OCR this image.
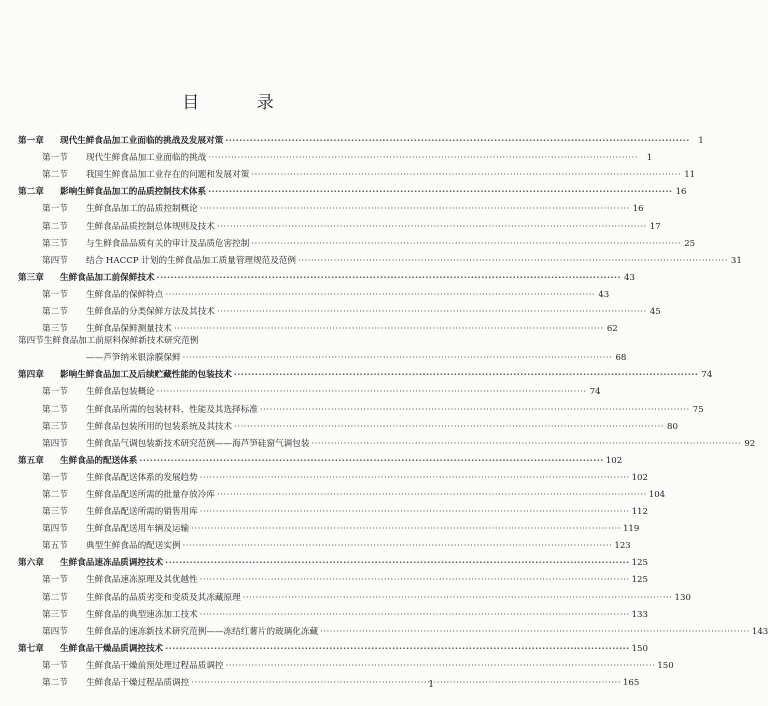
目 录
第一章	现代生鲜食品加工业面临的挑战及发展对策 ·····	1
第一节	现代生鲜食品加工业面临的挑战 ·····	1
第二节	我国生鲜食品加工业存在的问题和发展对策 ·····	11
第二章	影响生鲜食品加工的品质控制技术体系 ·····	16
第一节	生鲜食品加工的品质控制概论 ·····	16
第二节	生鲜食品品质控制总体规则及技术 ·····	17
第三节	与生鲜食品品质有关的审计及品质危害控制 ·····	25
第四节	结合 HACCP 计划的生鲜食品加工质量管理规范及范例 ·····	31
第三章	生鲜食品加工前保鲜技术 ·····	43
第一节	生鲜食品的保鲜特点 ·····	43
第二节	生鲜食品的分类保鲜方法及其技术 ·····	45
第三节	生鲜食品保鲜测量技术 ·····	62
第四节 生鲜食品加工前原料保鲜新技术研究范例
——芦笋纳米银涂膜保鲜 ·····	68
第四章	影响生鲜食品加工及后续贮藏性能的包装技术 ·····	74
第一节	生鲜食品包装概论 ·····	74
第二节	生鲜食品所需的包装材料、性能及其选择标准 ·····	75
第三节	生鲜食品包装所用的包装系统及其技术 ·····	80
第四节	生鲜食品气调包装新技术研究范例——海芦笋硅窗气调包装 ·····	92
第五章	生鲜食品的配送体系 ·····	102
第一节	生鲜食品配送体系的发展趋势 ·····	102
第二节	生鲜食品配送所需的批量存放冷库 ·····	104
第三节	生鲜食品配送所需的销售用库 ·····	112
第四节	生鲜食品配送用车辆及运输 ·····	119
第五节	典型生鲜食品的配送实例 ·····	123
第六章	生鲜食品速冻品质调控技术 ·····	125
第一节	生鲜食品速冻原理及其优越性 ·····	125
第二节	生鲜食品的品质劣变和变质及其冻藏原理 ·····	130
第三节	生鲜食品的典型速冻加工技术 ·····	133
第四节	生鲜食品的速冻新技术研究范例——冻结红薯片的玻璃化冻藏 ·····	143
第七章	生鲜食品干燥品质调控技术 ·····	150
第一节	生鲜食品干燥前预处理过程品质调控 ·····	150
第二节	生鲜食品干燥过程品质调控 ·····	165
1
